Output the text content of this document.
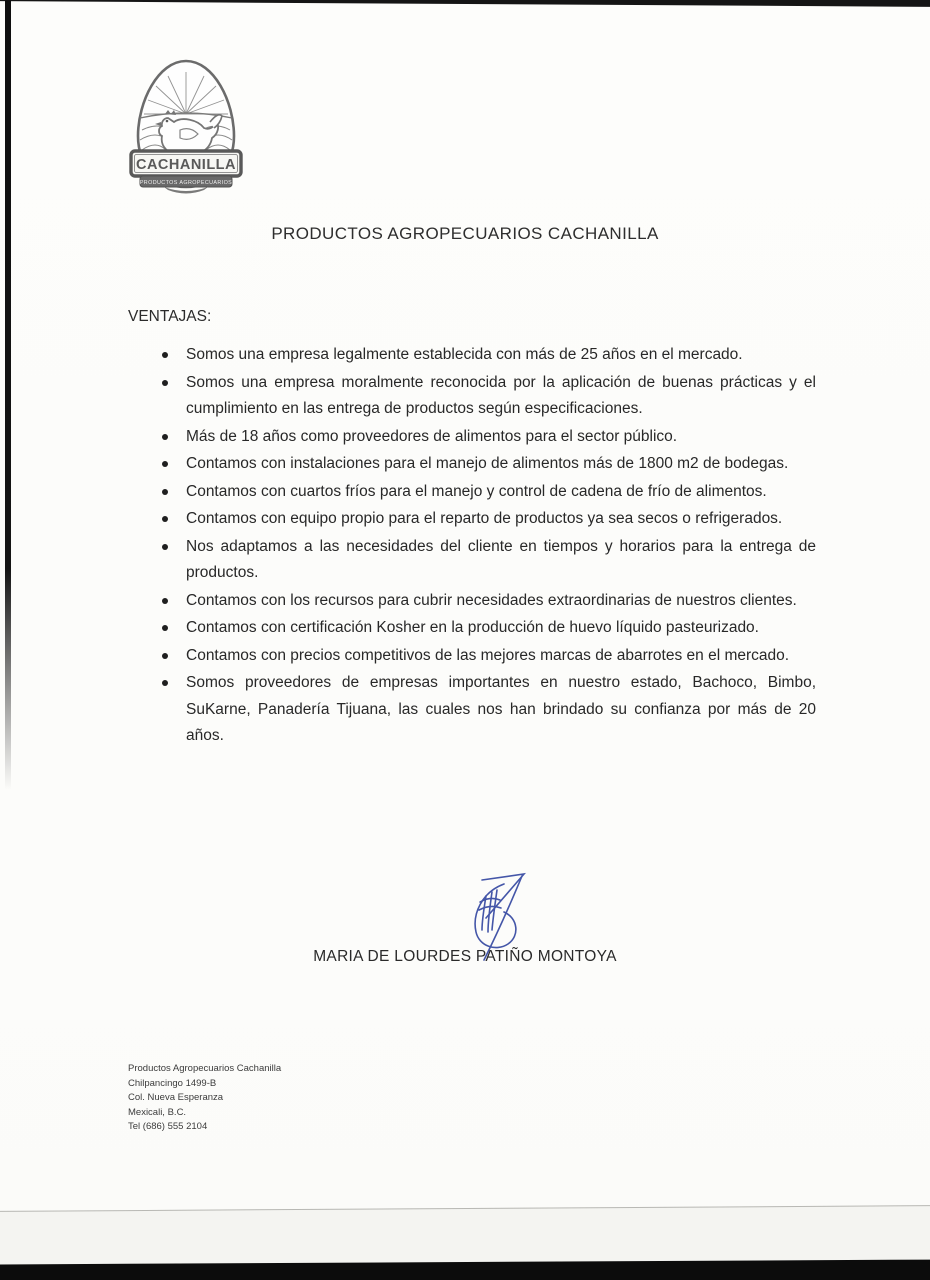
CACHANILLA
PRODUCTOS AGROPECUARIOS
PRODUCTOS AGROPECUARIOS CACHANILLA
VENTAJAS:
Somos una empresa legalmente establecida con más de 25 años en el mercado.
Somos una empresa moralmente reconocida por la aplicación de buenas prácticas y el cumplimiento en las entrega de productos según especificaciones.
Más de 18 años como proveedores de alimentos para el sector público.
Contamos con instalaciones para el manejo de alimentos más de 1800 m2 de bodegas.
Contamos con cuartos fríos para el manejo y control de cadena de frío de alimentos.
Contamos con equipo propio para el reparto de productos ya sea secos o refrigerados.
Nos adaptamos a las necesidades del cliente en tiempos y horarios para la entrega de productos.
Contamos con los recursos para cubrir necesidades extraordinarias de nuestros clientes.
Contamos con certificación Kosher en la producción de huevo líquido pasteurizado.
Contamos con precios competitivos de las mejores marcas de abarrotes en el mercado.
Somos proveedores de empresas importantes en nuestro estado, Bachoco, Bimbo, SuKarne, Panadería Tijuana, las cuales nos han brindado su confianza por más de 20 años.
MARIA DE LOURDES PATIÑO MONTOYA
Productos Agropecuarios Cachanilla
Chilpancingo 1499-B
Col. Nueva Esperanza
Mexicali, B.C.
Tel (686) 555 2104
